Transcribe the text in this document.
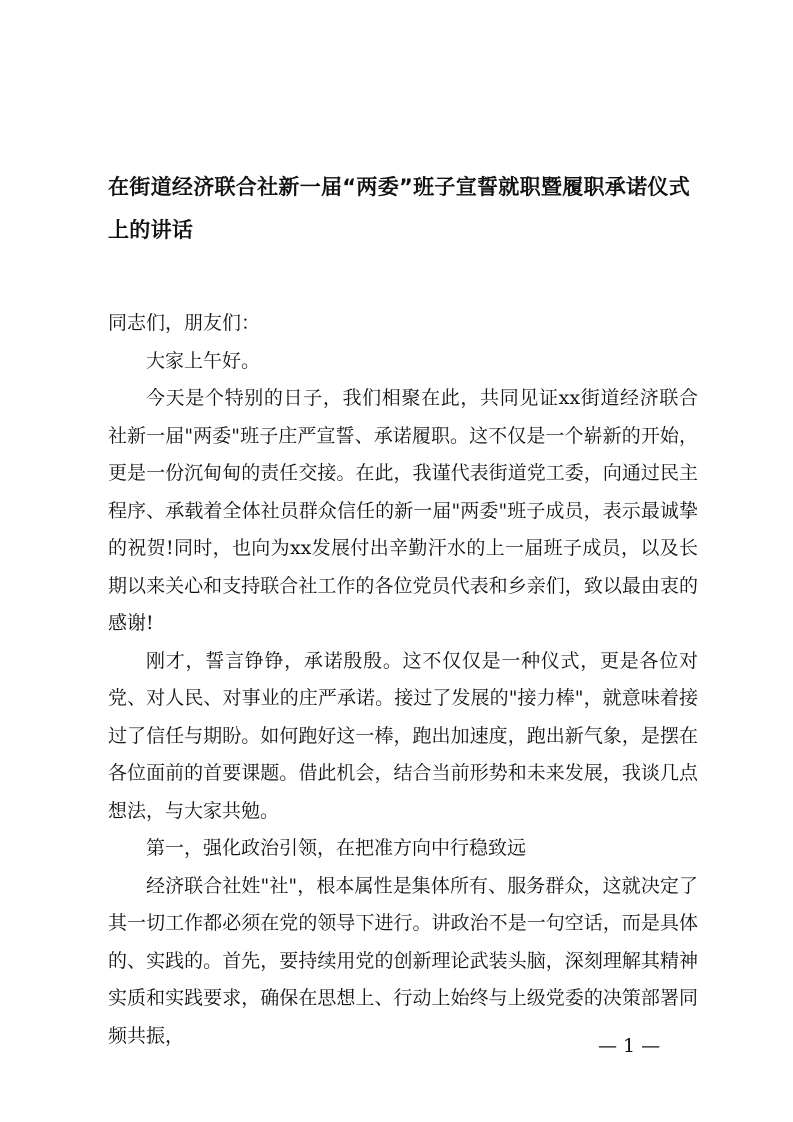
在街道经济联合社新一届“两委”班子宣誓就职暨履职承诺仪式上的讲话

同志们，朋友们：

大家上午好。

今天是个特别的日子，我们相聚在此，共同见证xx街道经济联合社新一届"两委"班子庄严宣誓、承诺履职。这不仅是一个崭新的开始，更是一份沉甸甸的责任交接。在此，我谨代表街道党工委，向通过民主程序、承载着全体社员群众信任的新一届"两委"班子成员，表示最诚挚的祝贺!同时，也向为xx发展付出辛勤汗水的上一届班子成员，以及长期以来关心和支持联合社工作的各位党员代表和乡亲们，致以最由衷的感谢!

刚才，誓言铮铮，承诺殷殷。这不仅仅是一种仪式，更是各位对党、对人民、对事业的庄严承诺。接过了发展的"接力棒"，就意味着接过了信任与期盼。如何跑好这一棒，跑出加速度，跑出新气象，是摆在各位面前的首要课题。借此机会，结合当前形势和未来发展，我谈几点想法，与大家共勉。

第一，强化政治引领，在把准方向中行稳致远

经济联合社姓"社"，根本属性是集体所有、服务群众，这就决定了其一切工作都必须在党的领导下进行。讲政治不是一句空话，而是具体的、实践的。首先，要持续用党的创新理论武装头脑，深刻理解其精神实质和实践要求，确保在思想上、行动上始终与上级党委的决策部署同频共振，	— 1 —
